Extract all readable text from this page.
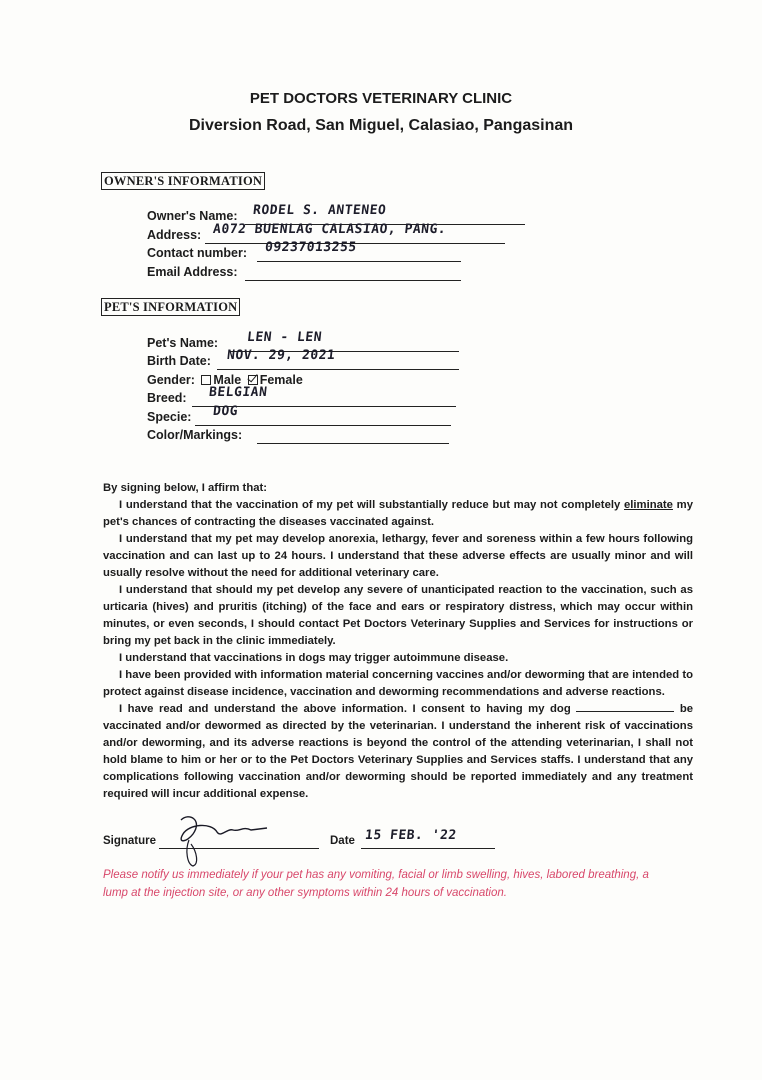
PET DOCTORS VETERINARY CLINIC
Diversion Road, San Miguel, Calasiao, Pangasinan
OWNER'S INFORMATION
Owner's Name: RODEL S. ANTENEO
Address: A072 BUENLAG CALASIAO, PANG.
Contact number: 09237013255
Email Address:
PET'S INFORMATION
Pet's Name: LEN - LEN
Birth Date: NOV. 29, 2021
Gender: Male Female
Breed: BELGIAN
Specie: DOG
Color/Markings:

By signing below, I affirm that:

I understand that the vaccination of my pet will substantially reduce but may not completely eliminate my pet's chances of contracting the diseases vaccinated against.

I understand that my pet may develop anorexia, lethargy, fever and soreness within a few hours following vaccination and can last up to 24 hours. I understand that these adverse effects are usually minor and will usually resolve without the need for additional veterinary care.

I understand that should my pet develop any severe of unanticipated reaction to the vaccination, such as urticaria (hives) and pruritis (itching) of the face and ears or respiratory distress, which may occur within minutes, or even seconds, I should contact Pet Doctors Veterinary Supplies and Services for instructions or bring my pet back in the clinic immediately.

I understand that vaccinations in dogs may trigger autoimmune disease.

I have been provided with information material concerning vaccines and/or deworming that are intended to protect against disease incidence, vaccination and deworming recommendations and adverse reactions.

I have read and understand the above information. I consent to having my dog	be vaccinated and/or dewormed as directed by the veterinarian. I understand the inherent risk of vaccinations and/or deworming, and its adverse reactions is beyond the control of the attending veterinarian, I shall not hold blame to him or her or to the Pet Doctors Veterinary Supplies and Services staffs. I understand that any complications following vaccination and/or deworming should be reported immediately and any treatment required will incur additional expense.

Signature	Date 15 FEB. '22
Please notify us immediately if your pet has any vomiting, facial or limb swelling, hives, labored breathing, a lump at the injection site, or any other symptoms within 24 hours of vaccination.
